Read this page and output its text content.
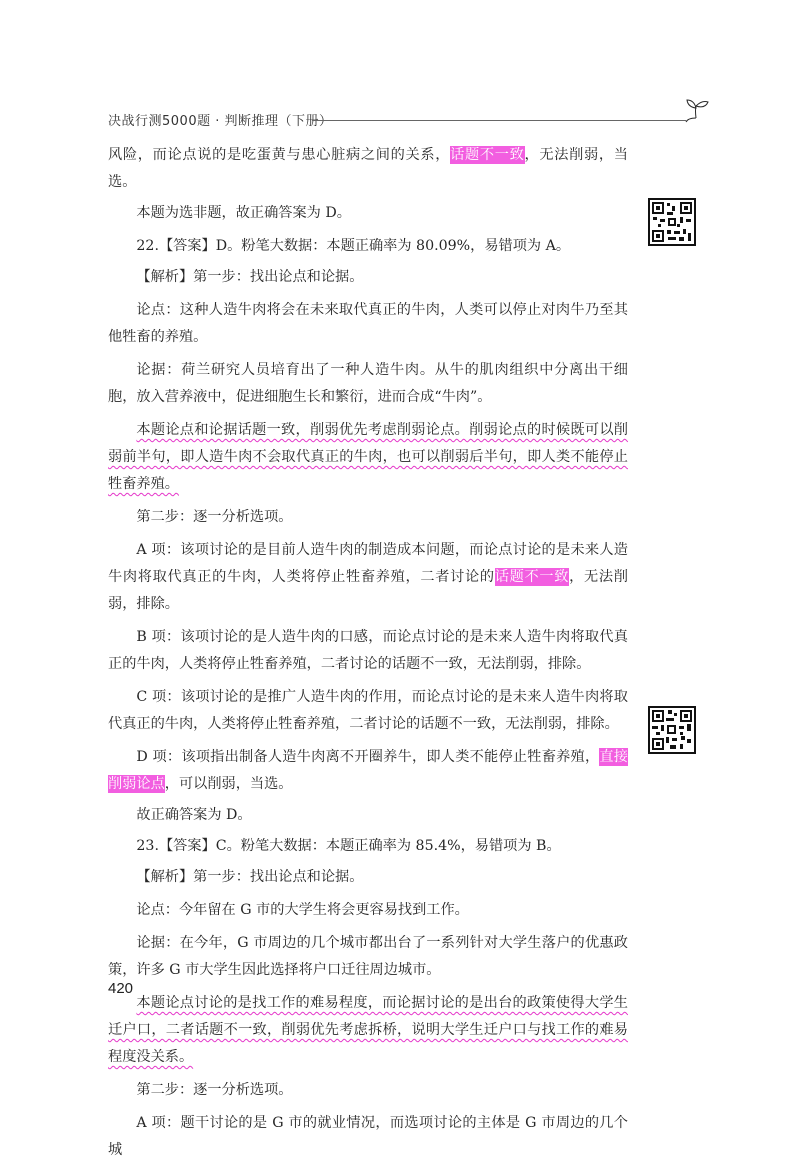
决战行测5000题 · 判断推理（下册）

风险，而论点说的是吃蛋黄与患心脏病之间的关系，话题不一致，无法削弱，当选。

本题为选非题，故正确答案为 D。

22.【答案】D。粉笔大数据：本题正确率为 80.09%，易错项为 A。

【解析】第一步：找出论点和论据。

论点：这种人造牛肉将会在未来取代真正的牛肉，人类可以停止对肉牛乃至其他牲畜的养殖。

论据：荷兰研究人员培育出了一种人造牛肉。从牛的肌肉组织中分离出干细胞，放入营养液中，促进细胞生长和繁衍，进而合成“牛肉”。

本题论点和论据话题一致，削弱优先考虑削弱论点。削弱论点的时候既可以削弱前半句，即人造牛肉不会取代真正的牛肉，也可以削弱后半句，即人类不能停止牲畜养殖。

第二步：逐一分析选项。

A 项：该项讨论的是目前人造牛肉的制造成本问题，而论点讨论的是未来人造牛肉将取代真正的牛肉，人类将停止牲畜养殖，二者讨论的话题不一致，无法削弱，排除。

B 项：该项讨论的是人造牛肉的口感，而论点讨论的是未来人造牛肉将取代真正的牛肉，人类将停止牲畜养殖，二者讨论的话题不一致，无法削弱，排除。

C 项：该项讨论的是推广人造牛肉的作用，而论点讨论的是未来人造牛肉将取代真正的牛肉，人类将停止牲畜养殖，二者讨论的话题不一致，无法削弱，排除。

D 项：该项指出制备人造牛肉离不开圈养牛，即人类不能停止牲畜养殖，直接削弱论点，可以削弱，当选。

故正确答案为 D。

23.【答案】C。粉笔大数据：本题正确率为 85.4%，易错项为 B。

【解析】第一步：找出论点和论据。

论点：今年留在 G 市的大学生将会更容易找到工作。

论据：在今年，G 市周边的几个城市都出台了一系列针对大学生落户的优惠政策，许多 G 市大学生因此选择将户口迁往周边城市。

本题论点讨论的是找工作的难易程度，而论据讨论的是出台的政策使得大学生迁户口，二者话题不一致，削弱优先考虑拆桥，说明大学生迁户口与找工作的难易程度没关系。

第二步：逐一分析选项。

A 项：题干讨论的是 G 市的就业情况，而选项讨论的主体是 G 市周边的几个城

420
